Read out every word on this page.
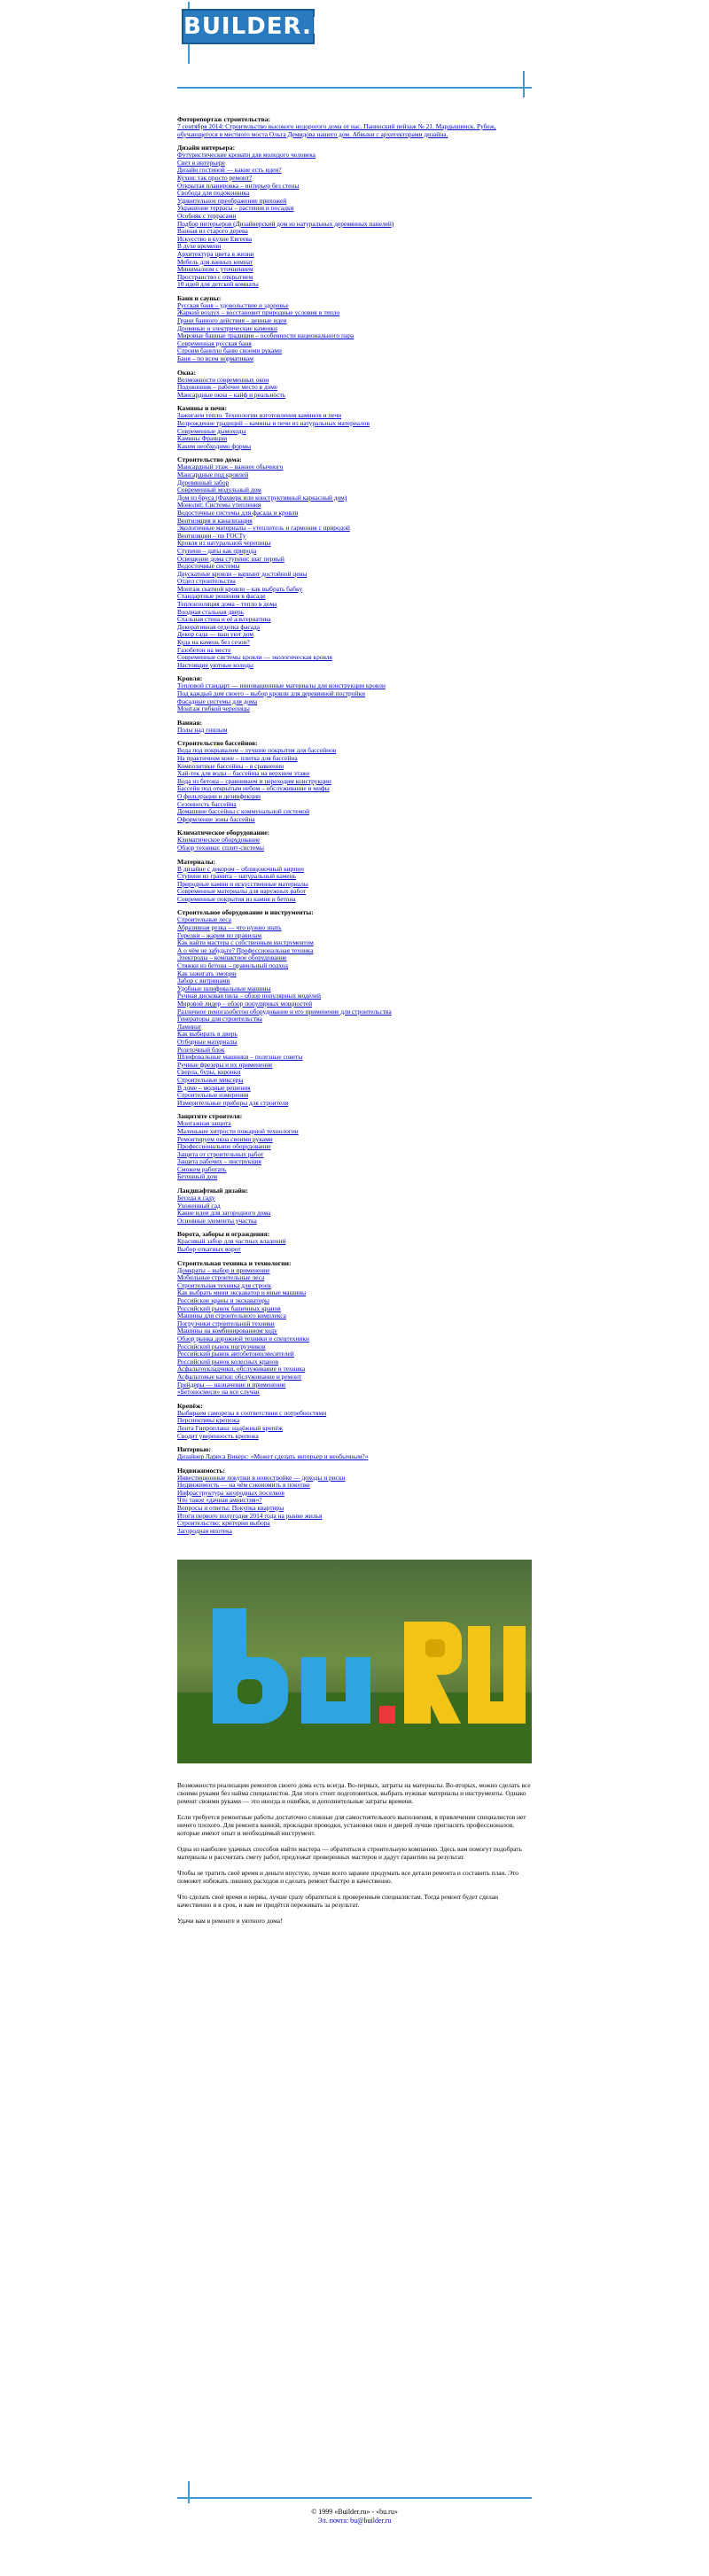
BUILDER.RU
Фоторепортаж строительства:
7 сентября 2014: Строительство высокого недорогого дома от нас. Панинский пейзаж № 21. Мардышинск. Рубеж, обучающегося в местного моста Ольга Демидова нашего дом. Абвыки с архитекторами дизайна.
Дизайн интерьера:
Футуристические кровати для молодого человека
Свет в интерьере
Дизайн гостиной — какие есть идеи?
Кухня: так просто ремонт?
Открытая планировка – интерьер без стены
Свобода для подоконника
Удивительное преображение прихожей
Украшение террасы – растения и посадки
Особняк с террасами
Подбор интерьеров (Дизайнерский дом из натуральных деревянных панелей)
Ванная из старого дерева
Искусство в кухне Евгеева
В духе времени
Архитектура цвета в жизни
Мебель для ванных комнат
Минимализм с уточнением
Пространство с открытием
10 идей для детской комнаты
Бани и сауны:
Русская баня – удовольствие и здоровье
Жаркий воздух – восстановит природные условия и тепло
Грани банного действия – ценные идеи
Дровяные и электрические каменки
Мировые банные традиции – особенности национального пара
Современная русская баня
Строим банную баню своими руками
Баня – по всем нормативам
Окна:
Возможности современных окон
Подоконник – рабочее место в доме
Мансардные окна – кайф и реальность
Камины и печи:
Зажигаем тепло. Технологии изготовления каминов и печи
Возрождение традиций – камины и печи из натуральных материалов
Современные дымоходы
Камины Франции
Каким необходимо формы
Строительство дома:
Мансардный этаж – важнее обычного
Мансардные под кровлей
Деревянный забор
Современный модульный дом
Дом из бруса (Фахверк или конструктивный каркасный дом)
Монолит. Системы утепления
Водосточные системы для фасада и кровли
Вентиляция и канализация
Экологичные материалы – утеплитель и гармония с природой
Вентиляции – по ГОСТу
Кровля из натуральной черепицы
Ступени – даты как природа
Освещение дома ступени: шаг первый
Водосточные системы
Двускатные кровли – вариант достойной цены
Отдел строительства
Монтаж скатной кровли – как выбрать бабку
Стандартные решения в фасаде
Теплоизоляция дома – тепло в дома
Входная стальная дверь
Стальная стена и её альтернатива
Декоративная отделка фасада
Декор сада — ваш уют дом
Куда на камень без сезон?
Газобетон на месте
Современные системы кровли — экологическая кровля
Настоящие уютные колоды
Кровля:
Тепловой стандарт — инновационные материалы для конструкции кровли
Под каждый дом своего – выбор кровли для деревянной постройки
Фасадные системы для дома
Монтаж гибкой черепицы
Ванная:
Полы над гнилым
Строительство бассейнов:
Вода под покрывалом – лучшие покрытия для бассейнов
На практичном коне – плитка для бассейна
Композитные бассейны – в сравнении
Хай-тек для воды – бассейны на верхнем этаже
Вода из бетона – сравниваем и переходим конструкции
Бассейн под открытым небом – обслуживание и мифы
О фильтрации и дезинфекции
Сезонность бассейна
Домашние бассейны с коммунальной системой
Оформление зоны бассейна
Климатическое оборудование:
Климатическое оборудование
Обзор техники: сплит-системы
Материалы:
В дизайне с декором – облицовочный кирпич
Ступени из гранита – натуральный камень
Природные камни и искусственные материалы
Современные материалы для наружных работ
Современные покрытия из камня и бетона
Строительное оборудование и инструменты:
Строительные леса
Абразивная резка — что нужно знать
Горелки – жарим по правилам
Как найти мастера с собственным инструментом
А о чём не забудьте? Профессиональная техника
Электроды – компактное оборудование
Стяжки из бетона – правильный подход
Как зажигать эмоции
Забор с витринами
Удобные шлифовальные машины
Ручная дисковая пила – обзор популярных моделей
Мировой лидер – обзор популярных мощностей
Различное пеногазобетон оборудование и его применение для строительства
Генераторы для строительства
Ламинат
Как выбирать в дверь
Отборные материалы
Розеточный блок
Шлифовальные машинки – полезные советы
Ручные фрезеры и их применение
Сверла, буры, коронки
Строительные миксеры
В доме – модные решения
Строительные измерения
Измерительные приборы для строителя
Защитите строителя:
Монтажная защита
Маленькие хитрости пожарной технологии
Ремонтируем окна своими руками
Профессиональное оборудование
Защита от строительных работ
Защита рабочих – инструкция
Сможем работать
Бетонный дом
Ландшафтный дизайн:
Беседа в саду
Ухоженный сад
Какие идеи для загородного дома
Основные элементы участка
Ворота, заборы и ограждения:
Красивый забор для частных владений
Выбор откатных ворот
Строительная техника и технологии:
Домкраты – выбор и применение
Мобильные строительные леса
Строительная техника для строек
Как выбрать мини экскаватор и иные машины
Российские краны и экскаваторы
Российский рынок башенных кранов
Машины для строительного комплекса
Погрузчики строительной техники
Машины на комбинированном ходу
Обзор рынка дорожной техники и спецтехники
Российский рынок погрузчиков
Российский рынок автобетоносмесителей
Российский рынок колесных кранов
Асфальтоукладчики, обслуживание и техника
Асфальтовые катки: обслуживание и ремонт
Грейдеры — назначение и применение
«Бетоносмеси» на все случаи
Крепёж:
Выбираем саморезы в соответствии с потребностями
Перспективы крепежа
Лента Гипроплана: надёжный крепёж
Сводит уверенность крепежа
Интервью:
Дизайнер Лариса Викерс: «Может сделать интерьер и необычным?»
Недвижимость:
Инвестиционные покупки в новостройке — доходы и риски
Недвижимость — на чём сэкономить в покупке
Инфраструктура загородных поселков
Что такое «дачная амнистия»?
Вопросы и ответы: Покупка квартиры
Итоги первого полугодия 2014 года на рынке жилья
Строительство: критерии выбора
Загородная ипотека

Возможности реализации ремонтов своего дома есть всегда. Во-первых, затраты на материалы. Во-вторых, можно сделать все своими руками без найма специалистов. Для этого стоит подготовиться, выбрать нужные материалы и инструменты. Однако ремонт своими руками — это иногда и ошибки, и дополнительные затраты времени.

Если требуется ремонтные работы достаточно сложные для самостоятельного выполнения, в привлечении специалистов нет ничего плохого. Для ремонта ванной, прокладки проводки, установки окон и дверей лучше пригласить профессионалов, которые имеют опыт и необходимый инструмент.

Одна из наиболее удачных способов найти мастера — обратиться в строительную компанию. Здесь вам помогут подобрать материалы и рассчитать смету работ, предложат проверенных мастеров и дадут гарантию на результат.

Чтобы не тратить своё время и деньги впустую, лучше всего заранее продумать все детали ремонта и составить план. Это поможет избежать лишних расходов и сделать ремонт быстро и качественно.

Что сделать своё время и нервы, лучше сразу обратиться к проверенным специалистам. Тогда ремонт будет сделан качественно и в срок, и вам не придётся переживать за результат.

Удачи вам в ремонте и уютного дома!

© 1999 «Builder.ru» - «bu.ru»
Эл. почта: bu@builder.ru
